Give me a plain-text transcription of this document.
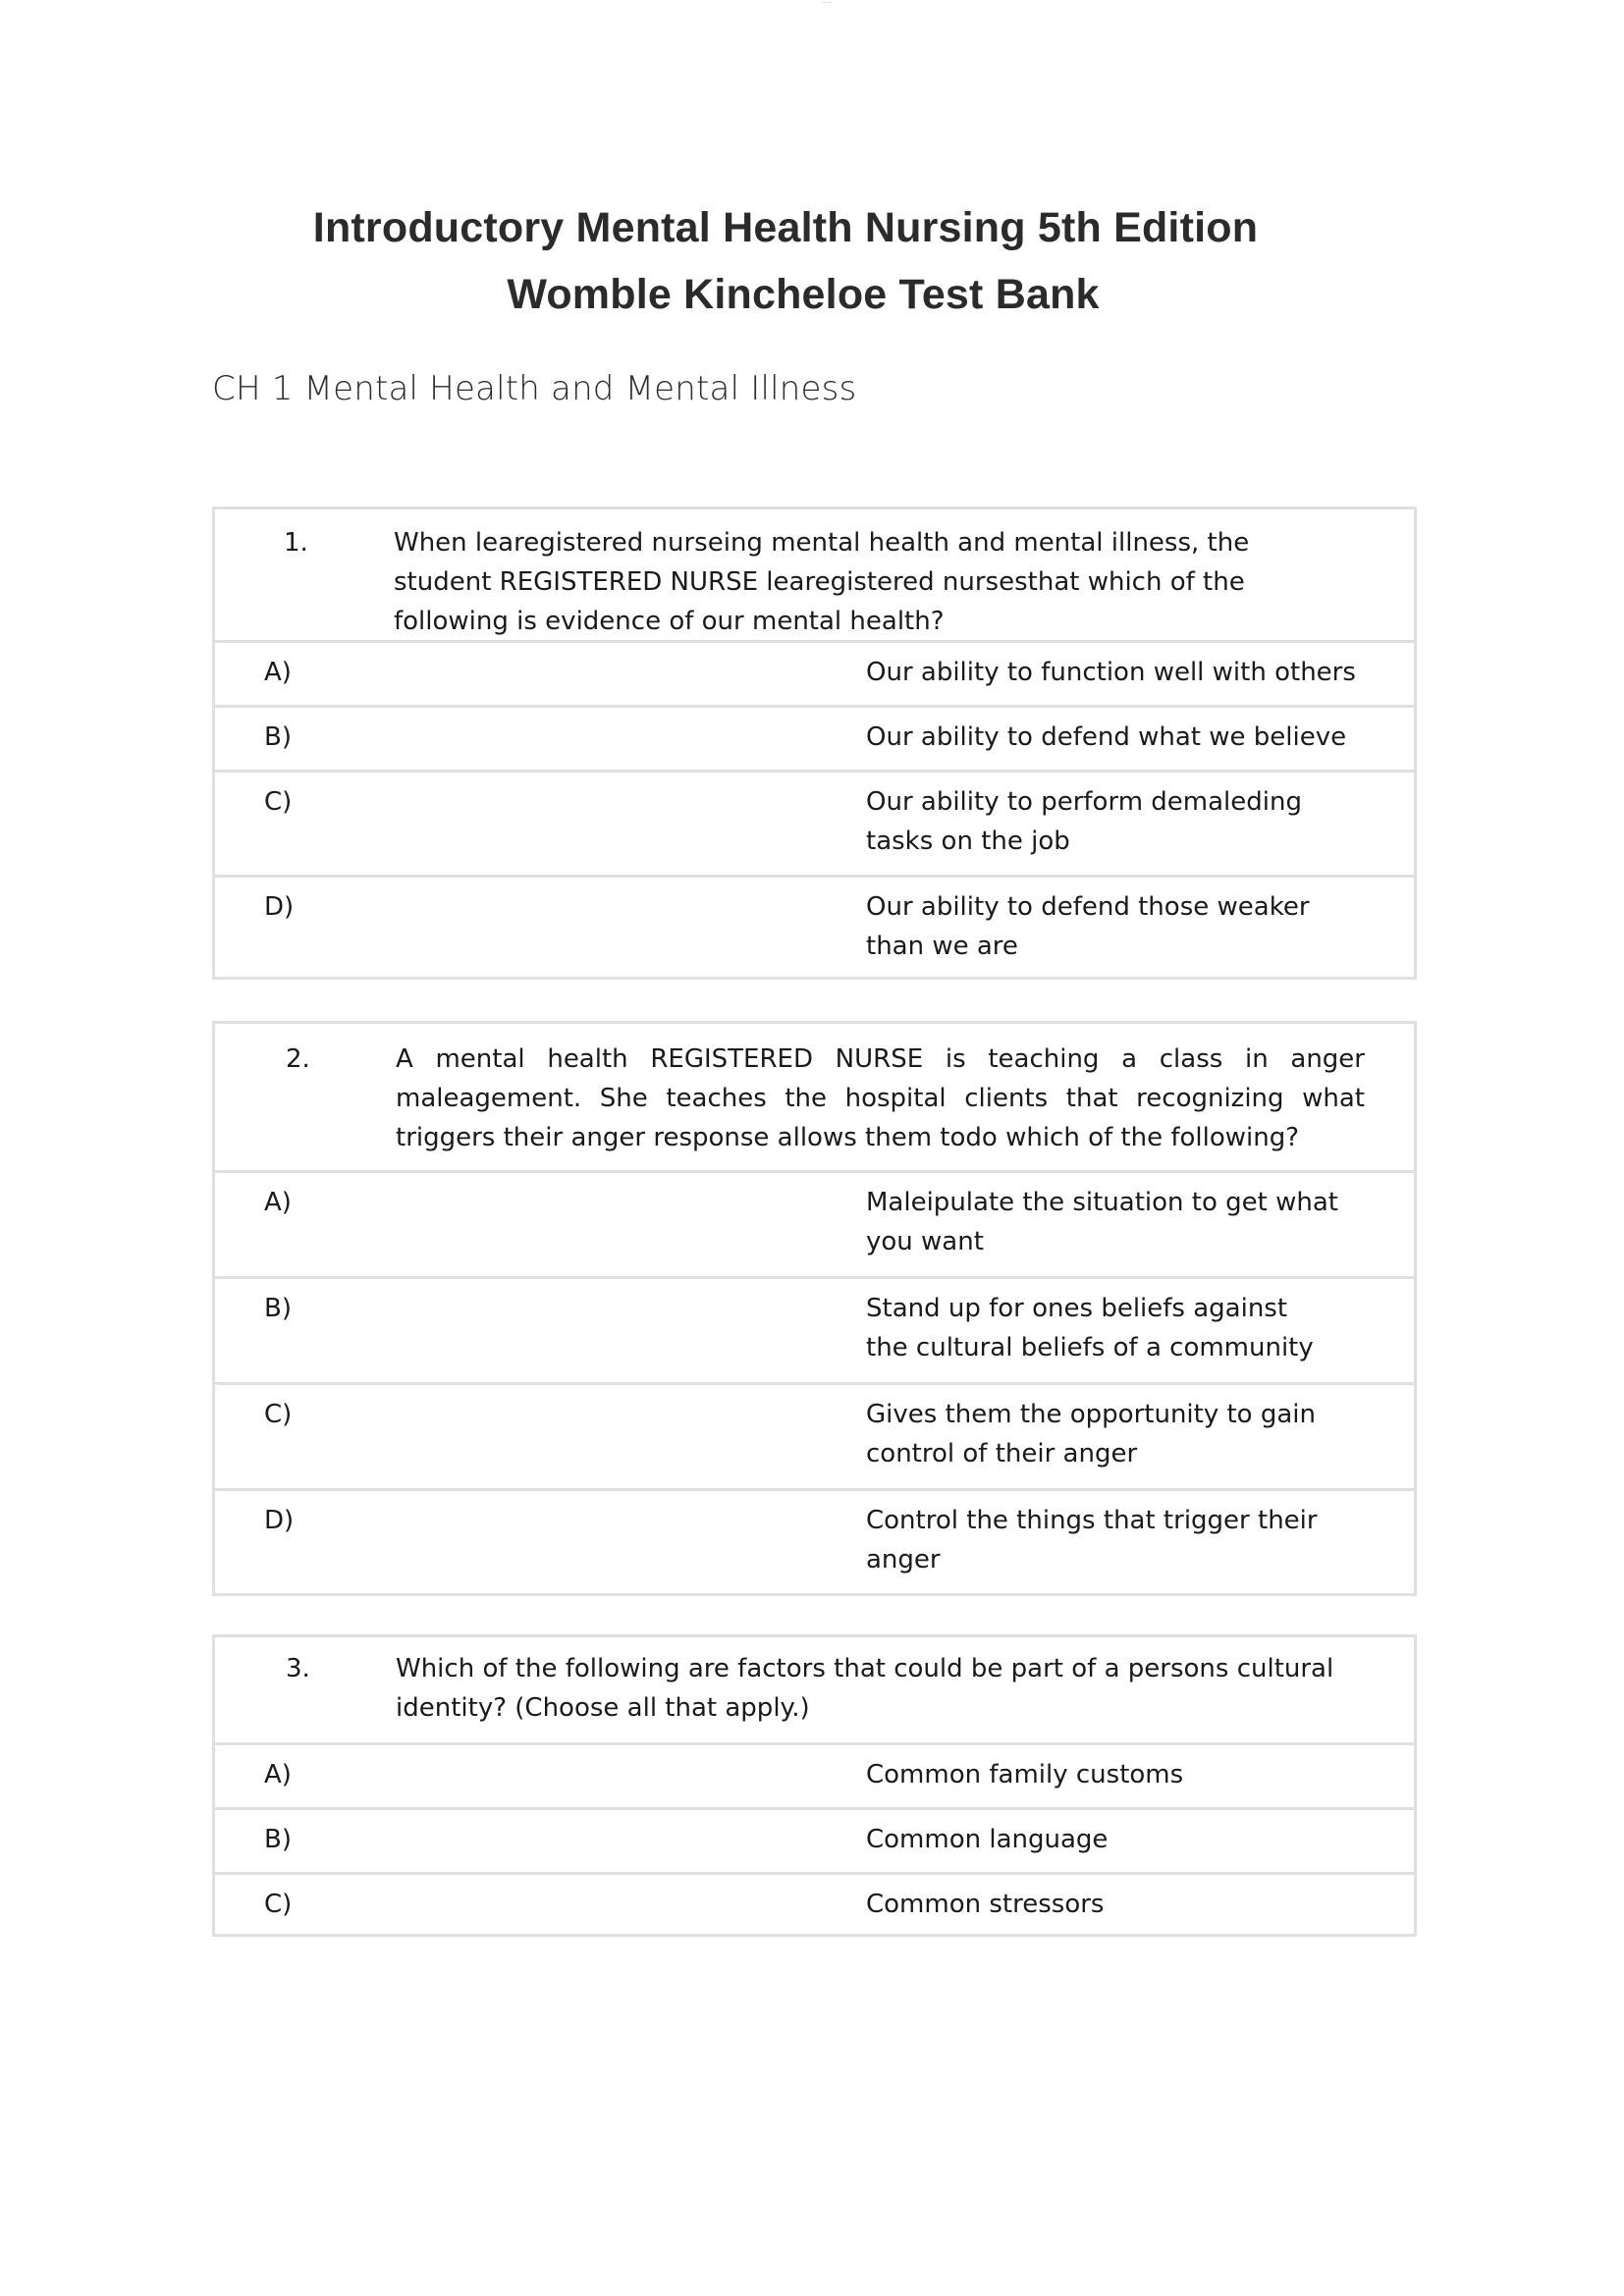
— —
Introductory Mental Health Nursing 5th Edition
Womble Kincheloe Test Bank
CH 1 Mental Health and Mental Illness
1.	When learegistered nurseing mental health and mental illness, the student REGISTERED NURSE learegistered nursesthat which of the following is evidence of our mental health?
A)	Our ability to function well with others
B)	Our ability to defend what we believe
C)	Our ability to perform demaleding tasks on the job
D)	Our ability to defend those weaker than we are
2.	A mental health REGISTERED NURSE is teaching a class in anger maleagement. She teaches the hospital clients that recognizing what triggers their anger response allows them todo which of the following?
A)	Maleipulate the situation to get what you want
B)	Stand up for ones beliefs against the cultural beliefs of a community
C)	Gives them the opportunity to gain control of their anger
D)	Control the things that trigger their anger
3.	Which of the following are factors that could be part of a persons cultural identity? (Choose all that apply.)
A)	Common family customs
B)	Common language
C)	Common stressors
